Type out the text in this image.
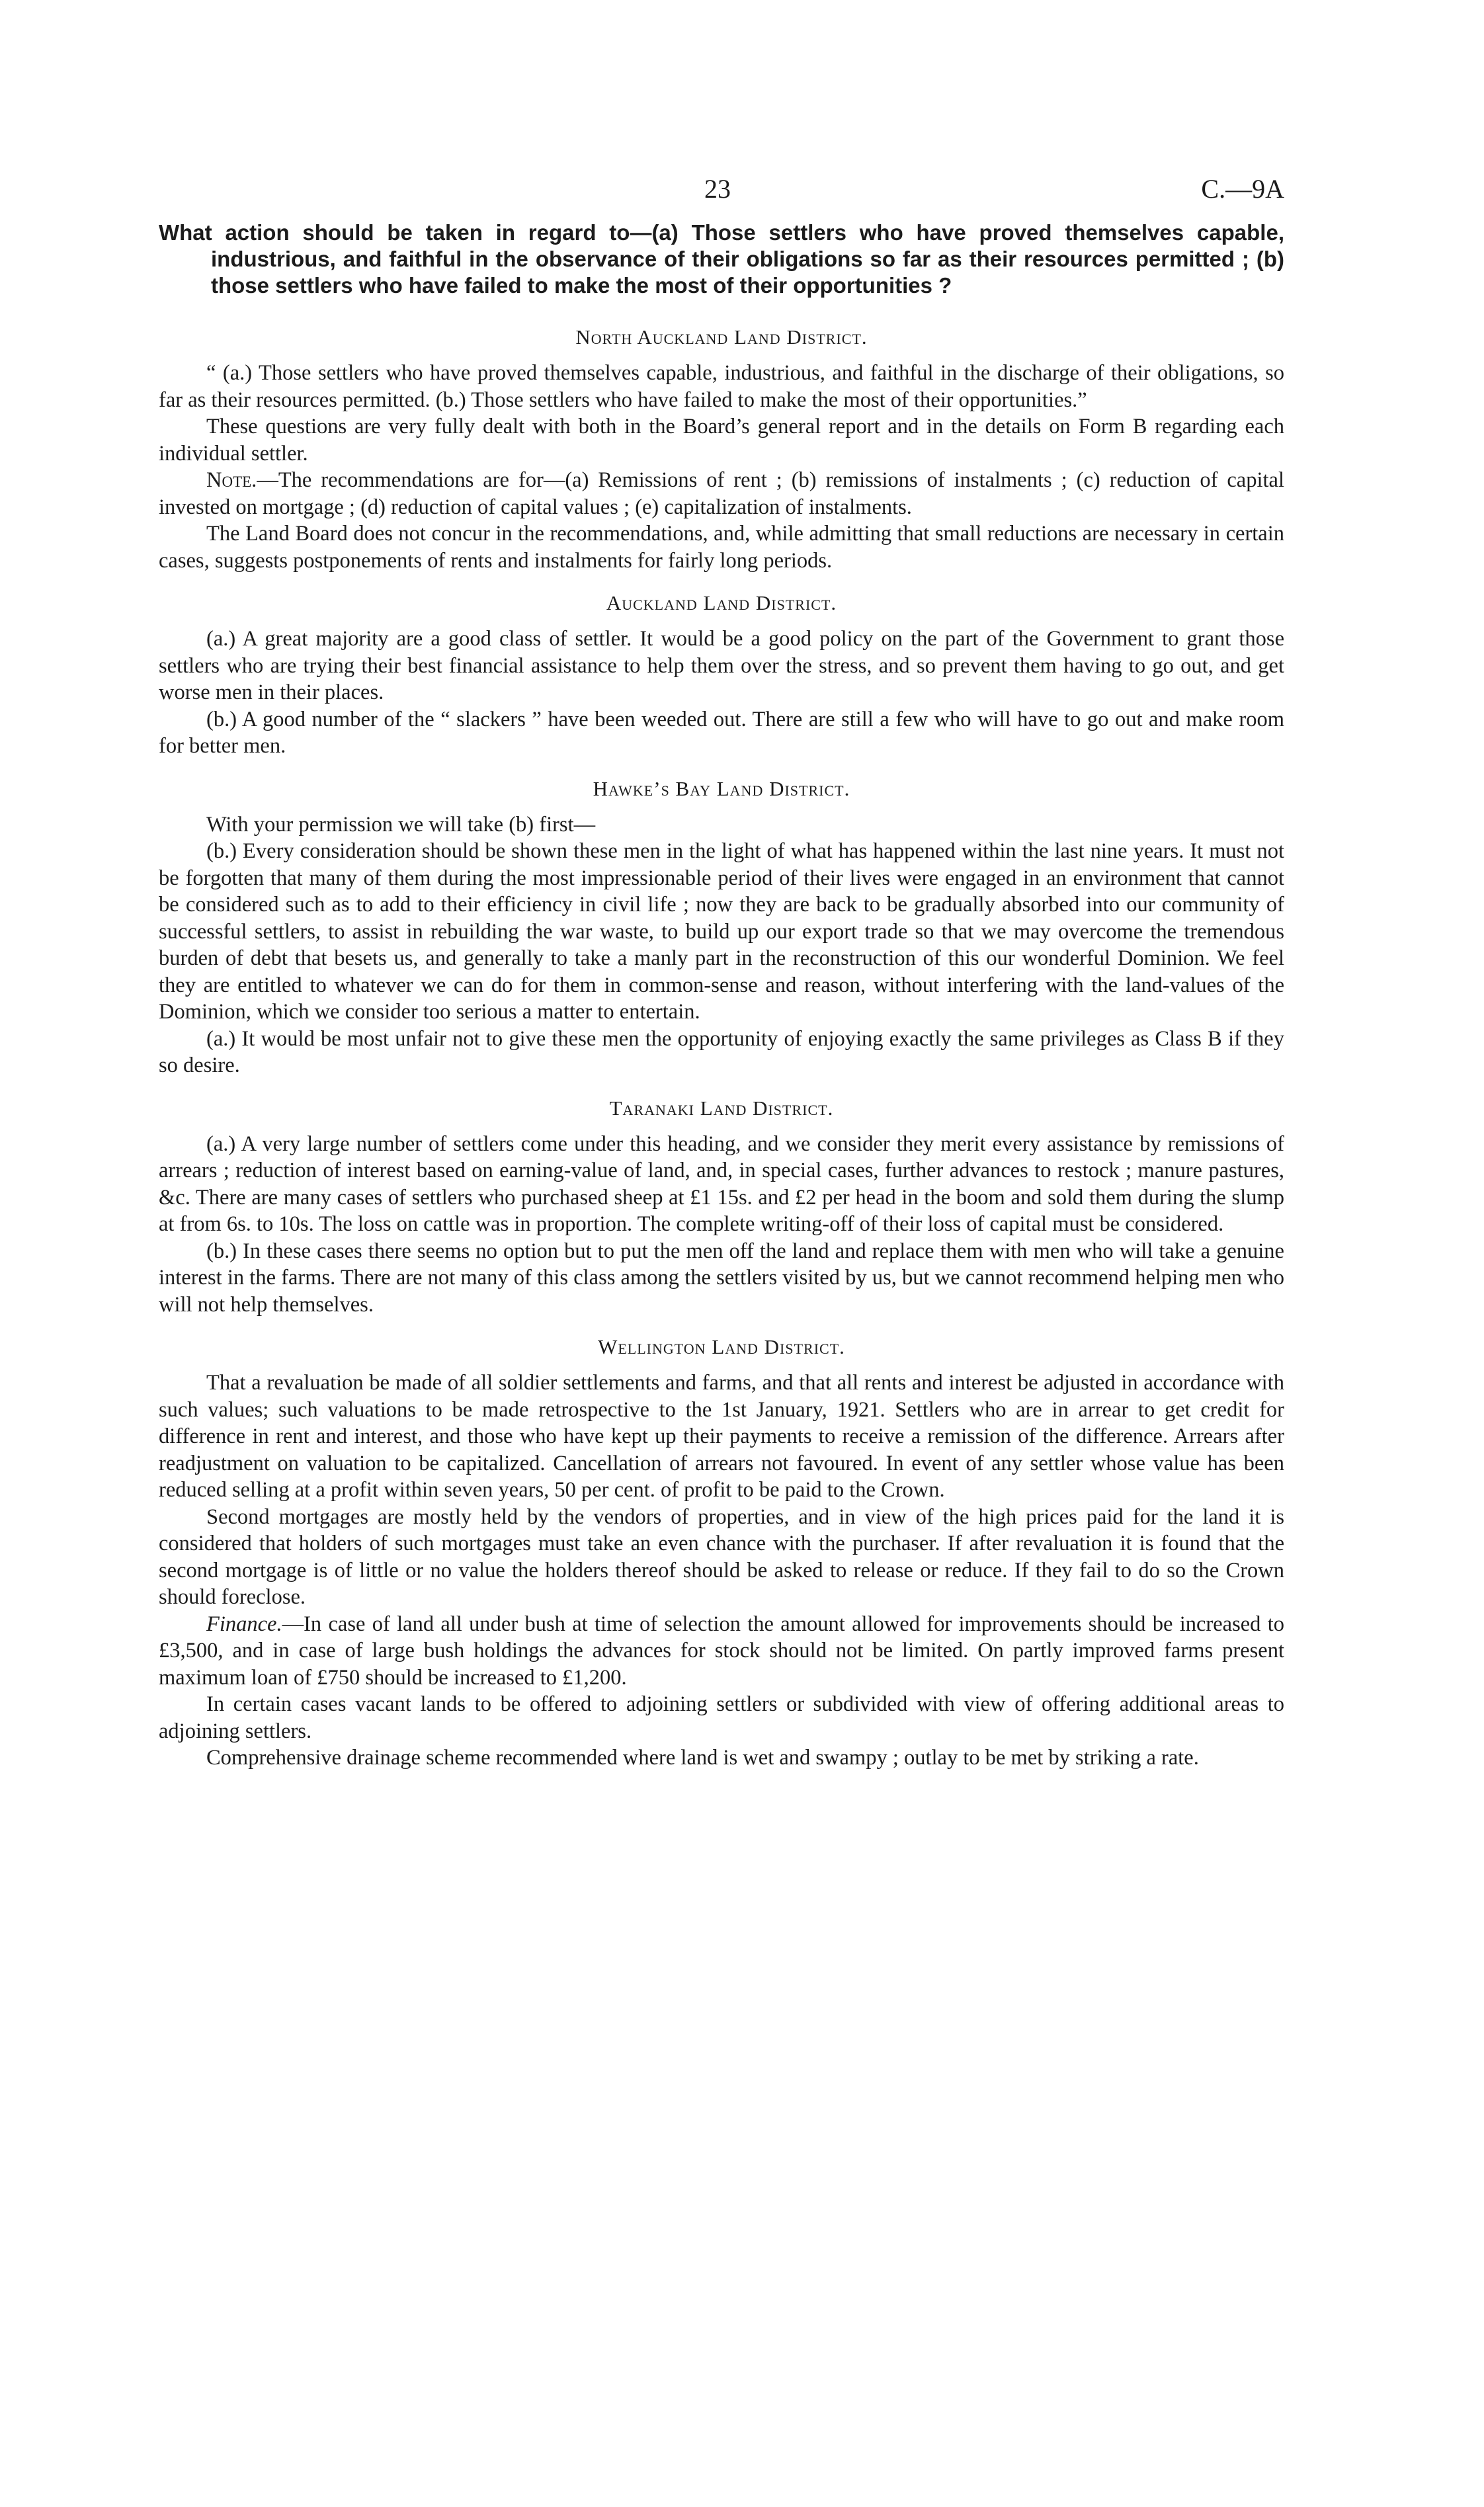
23	C.—9A

What action should be taken in regard to—(a) Those settlers who have proved themselves capable, industrious, and faithful in the observance of their obligations so far as their resources permitted ; (b) those settlers who have failed to make the most of their opportunities ?

North Auckland Land District.

“ (a.) Those settlers who have proved themselves capable, industrious, and faithful in the discharge of their obligations, so far as their resources permitted. (b.) Those settlers who have failed to make the most of their opportunities.”

These questions are very fully dealt with both in the Board’s general report and in the details on Form B regarding each individual settler.

Note.—The recommendations are for—(a) Remissions of rent ; (b) remissions of instalments ; (c) reduction of capital invested on mortgage ; (d) reduction of capital values ; (e) capitalization of instalments.

The Land Board does not concur in the recommendations, and, while admitting that small reductions are necessary in certain cases, suggests postponements of rents and instalments for fairly long periods.

Auckland Land District.

(a.) A great majority are a good class of settler. It would be a good policy on the part of the Government to grant those settlers who are trying their best financial assistance to help them over the stress, and so prevent them having to go out, and get worse men in their places.

(b.) A good number of the “ slackers ” have been weeded out. There are still a few who will have to go out and make room for better men.

Hawke’s Bay Land District.

With your permission we will take (b) first—

(b.) Every consideration should be shown these men in the light of what has happened within the last nine years. It must not be forgotten that many of them during the most impressionable period of their lives were engaged in an environment that cannot be considered such as to add to their efficiency in civil life ; now they are back to be gradually absorbed into our community of successful settlers, to assist in rebuilding the war waste, to build up our export trade so that we may overcome the tremendous burden of debt that besets us, and generally to take a manly part in the reconstruction of this our wonderful Dominion. We feel they are entitled to whatever we can do for them in common-sense and reason, without interfering with the land-values of the Dominion, which we consider too serious a matter to entertain.

(a.) It would be most unfair not to give these men the opportunity of enjoying exactly the same privileges as Class B if they so desire.

Taranaki Land District.

(a.) A very large number of settlers come under this heading, and we consider they merit every assistance by remissions of arrears ; reduction of interest based on earning-value of land, and, in special cases, further advances to restock ; manure pastures, &c. There are many cases of settlers who purchased sheep at £1 15s. and £2 per head in the boom and sold them during the slump at from 6s. to 10s. The loss on cattle was in proportion. The complete writing-off of their loss of capital must be considered.

(b.) In these cases there seems no option but to put the men off the land and replace them with men who will take a genuine interest in the farms. There are not many of this class among the settlers visited by us, but we cannot recommend helping men who will not help themselves.

Wellington Land District.

That a revaluation be made of all soldier settlements and farms, and that all rents and interest be adjusted in accordance with such values; such valuations to be made retrospective to the 1st January, 1921. Settlers who are in arrear to get credit for difference in rent and interest, and those who have kept up their payments to receive a remission of the difference. Arrears after readjustment on valuation to be capitalized. Cancellation of arrears not favoured. In event of any settler whose value has been reduced selling at a profit within seven years, 50 per cent. of profit to be paid to the Crown.

Second mortgages are mostly held by the vendors of properties, and in view of the high prices paid for the land it is considered that holders of such mortgages must take an even chance with the purchaser. If after revaluation it is found that the second mortgage is of little or no value the holders thereof should be asked to release or reduce. If they fail to do so the Crown should foreclose.

Finance.—In case of land all under bush at time of selection the amount allowed for improvements should be increased to £3,500, and in case of large bush holdings the advances for stock should not be limited. On partly improved farms present maximum loan of £750 should be increased to £1,200.

In certain cases vacant lands to be offered to adjoining settlers or subdivided with view of offering additional areas to adjoining settlers.

Comprehensive drainage scheme recommended where land is wet and swampy ; outlay to be met by striking a rate.
